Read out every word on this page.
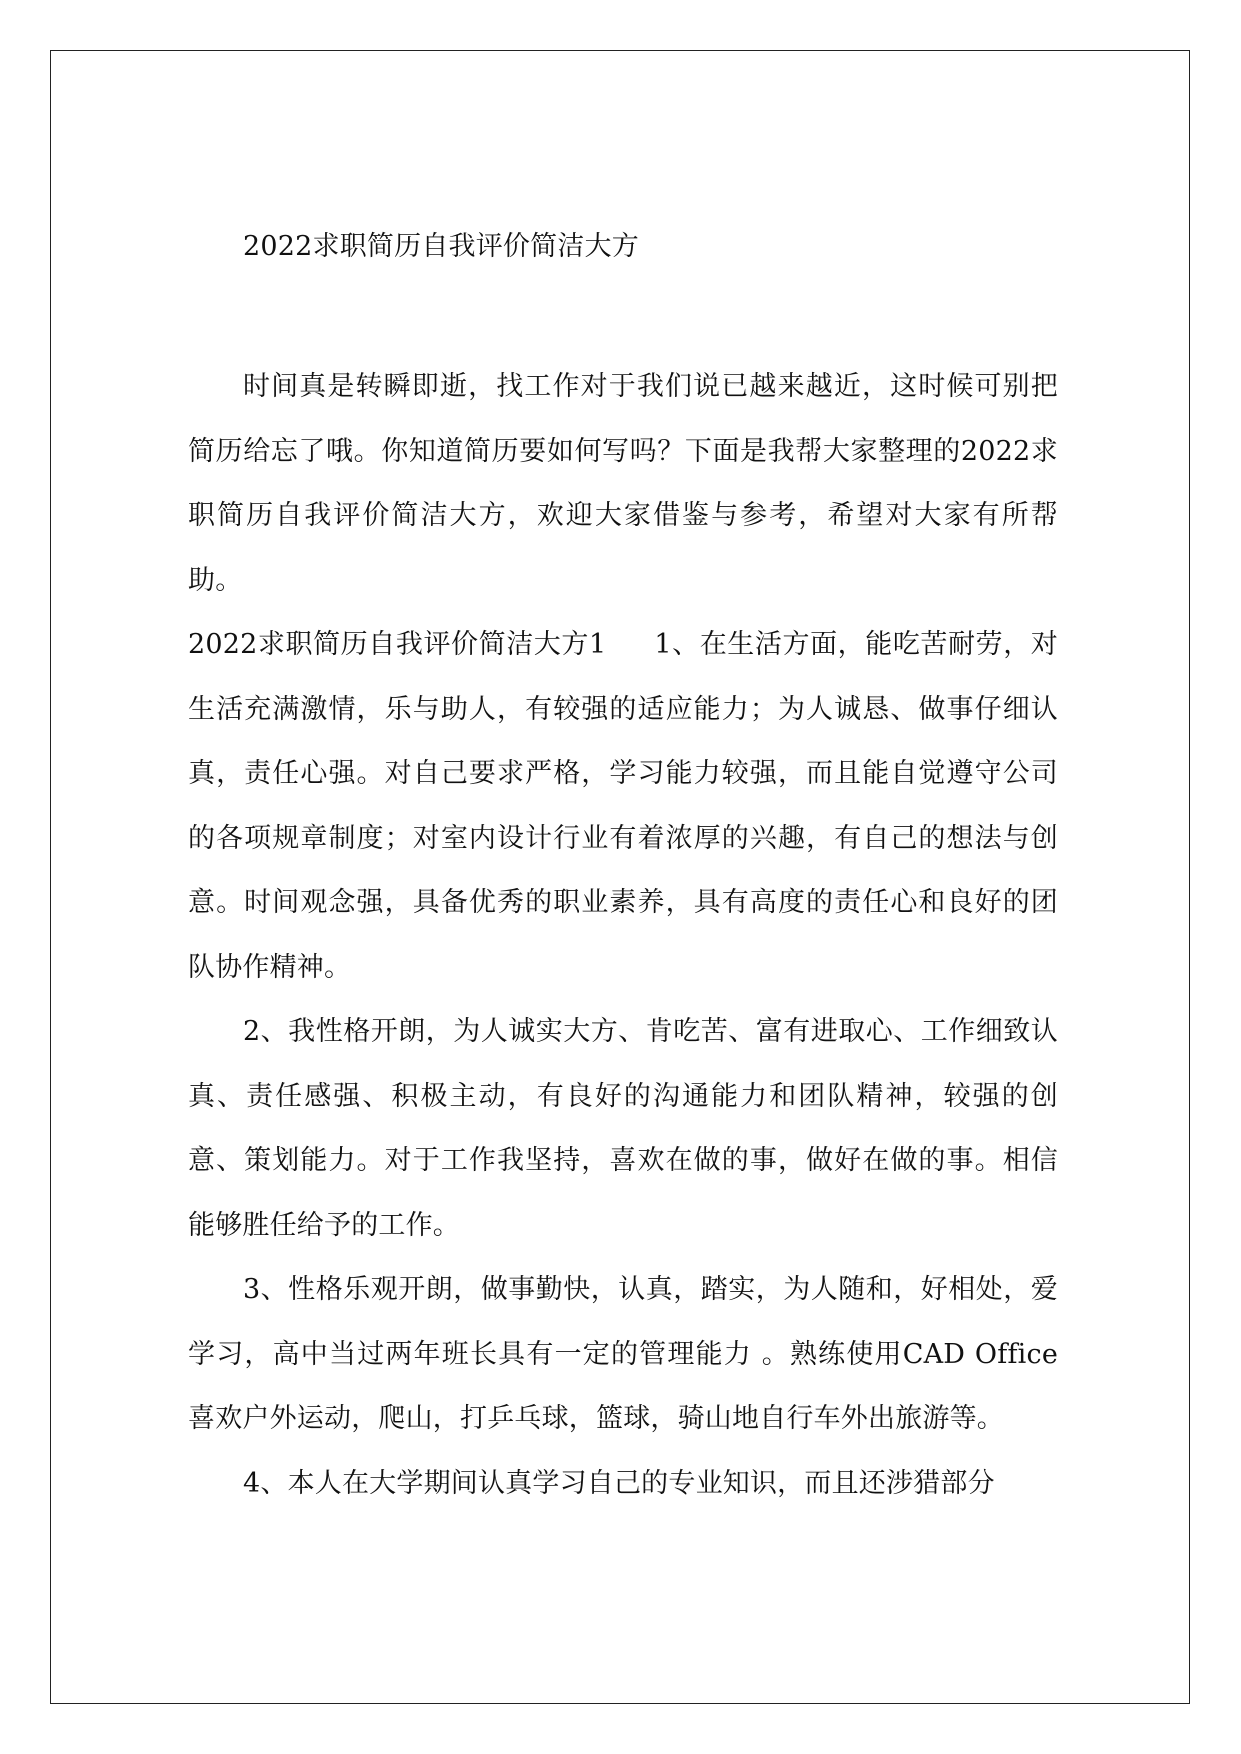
2022求职简历自我评价简洁大方

时间真是转瞬即逝，找工作对于我们说已越来越近，这时候可别把简历给忘了哦。你知道简历要如何写吗？下面是我帮大家整理的2022求职简历自我评价简洁大方，欢迎大家借鉴与参考，希望对大家有所帮助。

2022求职简历自我评价简洁大方1 1、在生活方面，能吃苦耐劳，对生活充满激情，乐与助人，有较强的适应能力；为人诚恳、做事仔细认真，责任心强。对自己要求严格，学习能力较强，而且能自觉遵守公司的各项规章制度；对室内设计行业有着浓厚的兴趣，有自己的想法与创意。时间观念强，具备优秀的职业素养，具有高度的责任心和良好的团队协作精神。

2、我性格开朗，为人诚实大方、肯吃苦、富有进取心、工作细致认真、责任感强、积极主动，有良好的沟通能力和团队精神，较强的创意、策划能力。对于工作我坚持，喜欢在做的事，做好在做的事。相信能够胜任给予的工作。

3、性格乐观开朗，做事勤快，认真，踏实，为人随和，好相处，爱学习，高中当过两年班长具有一定的管理能力 。熟练使用CAD Office喜欢户外运动，爬山，打乒乓球，篮球，骑山地自行车外出旅游等。

4、本人在大学期间认真学习自己的专业知识，而且还涉猎部分
